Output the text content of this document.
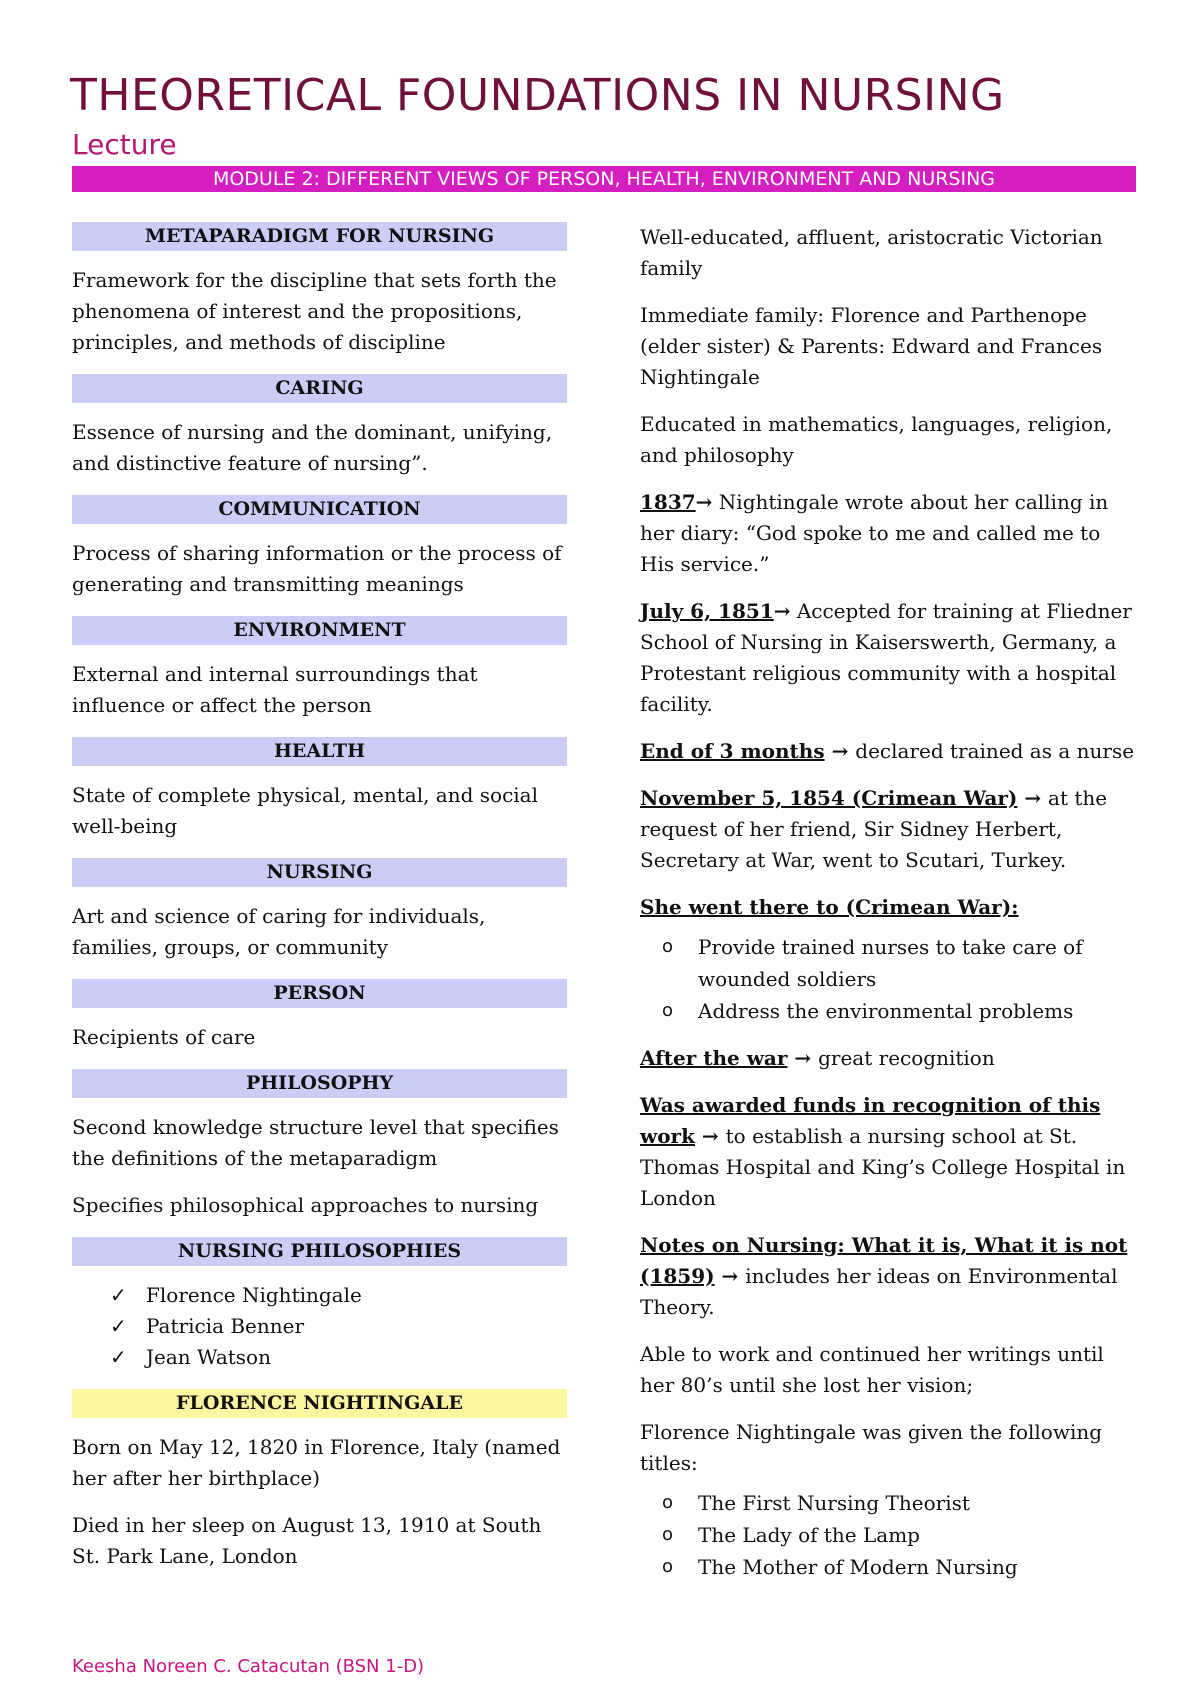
THEORETICAL FOUNDATIONS IN NURSING
Lecture
MODULE 2: DIFFERENT VIEWS OF PERSON, HEALTH, ENVIRONMENT AND NURSING
METAPARADIGM FOR NURSING
Framework for the discipline that sets forth the phenomena of interest and the propositions, principles, and methods of discipline
CARING
Essence of nursing and the dominant, unifying, and distinctive feature of nursing”.
COMMUNICATION
Process of sharing information or the process of generating and transmitting meanings
ENVIRONMENT
External and internal surroundings that influence or affect the person
HEALTH
State of complete physical, mental, and social well-being
NURSING
Art and science of caring for individuals, families, groups, or community
PERSON
Recipients of care
PHILOSOPHY
Second knowledge structure level that specifies the definitions of the metaparadigm
Specifies philosophical approaches to nursing
NURSING PHILOSOPHIES
✓ Florence Nightingale
✓ Patricia Benner
✓ Jean Watson
FLORENCE NIGHTINGALE
Born on May 12, 1820 in Florence, Italy (named her after her birthplace)
Died in her sleep on August 13, 1910 at South St. Park Lane, London
Well-educated, affluent, aristocratic Victorian family
Immediate family: Florence and Parthenope (elder sister) & Parents: Edward and Frances Nightingale
Educated in mathematics, languages, religion, and philosophy
1837→ Nightingale wrote about her calling in her diary: “God spoke to me and called me to His service.”
July 6, 1851→ Accepted for training at Fliedner School of Nursing in Kaiserswerth, Germany, a Protestant religious community with a hospital facility.
End of 3 months → declared trained as a nurse
November 5, 1854 (Crimean War) → at the request of her friend, Sir Sidney Herbert, Secretary at War, went to Scutari, Turkey.
She went there to (Crimean War):
o Provide trained nurses to take care of wounded soldiers
o Address the environmental problems
After the war → great recognition
Was awarded funds in recognition of this work → to establish a nursing school at St. Thomas Hospital and King’s College Hospital in London
Notes on Nursing: What it is, What it is not (1859) → includes her ideas on Environmental Theory.
Able to work and continued her writings until her 80’s until she lost her vision;
Florence Nightingale was given the following titles:
o The First Nursing Theorist
o The Lady of the Lamp
o The Mother of Modern Nursing
Keesha Noreen C. Catacutan (BSN 1-D)
